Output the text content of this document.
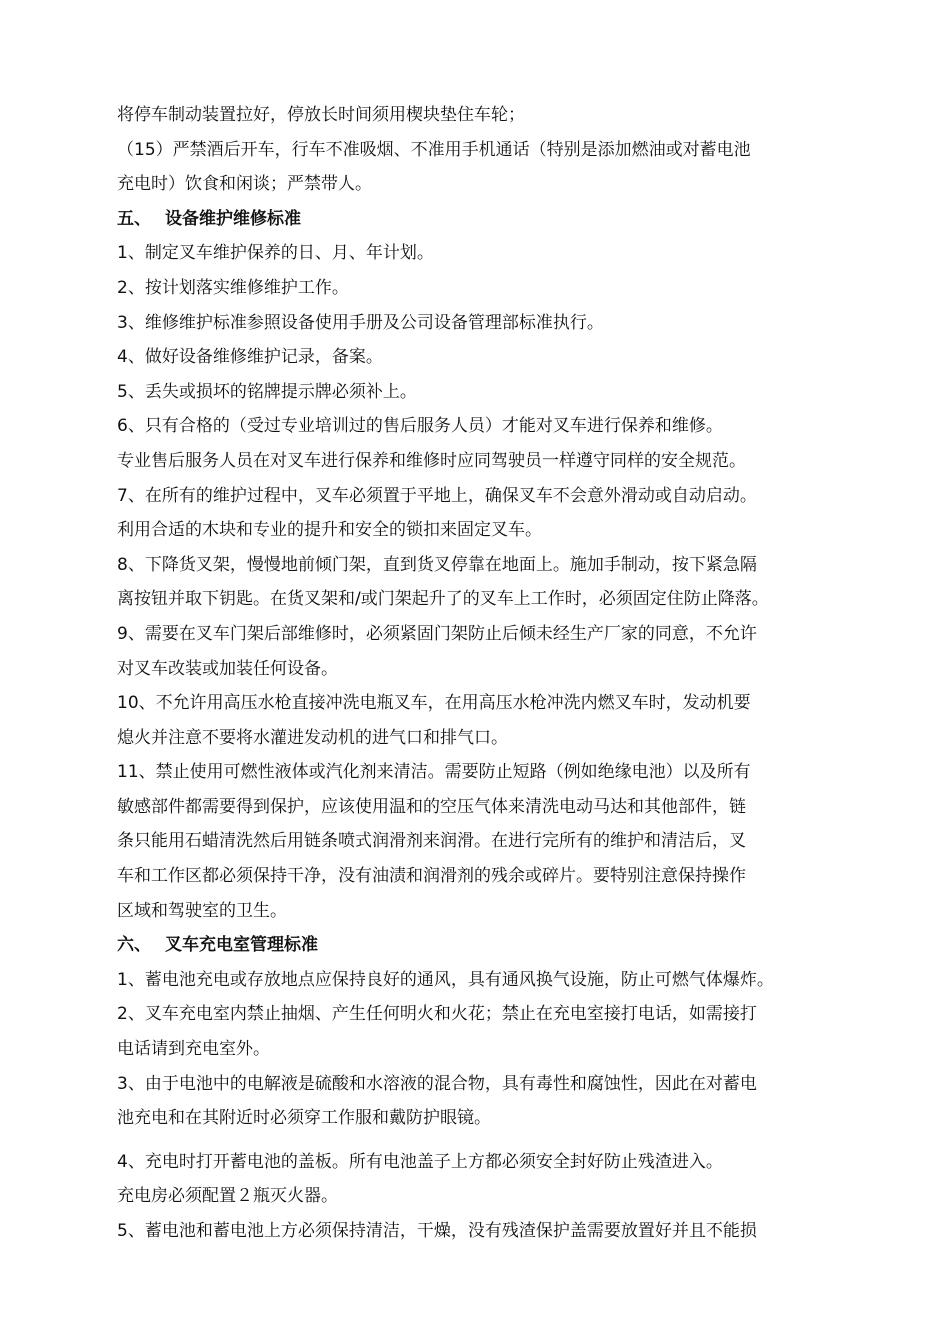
将停车制动装置拉好，停放长时间须用楔块垫住车轮；
（15）严禁酒后开车，行车不准吸烟、不准用手机通话（特别是添加燃油或对蓄电池
充电时）饮食和闲谈；严禁带人。
五、 设备维护维修标准
1、制定叉车维护保养的日、月、年计划。
2、按计划落实维修维护工作。
3、维修维护标准参照设备使用手册及公司设备管理部标准执行。
4、做好设备维修维护记录，备案。
5、丢失或损坏的铭牌提示牌必须补上。
6、只有合格的（受过专业培训过的售后服务人员）才能对叉车进行保养和维修。
专业售后服务人员在对叉车进行保养和维修时应同驾驶员一样遵守同样的安全规范。
7、在所有的维护过程中，叉车必须置于平地上，确保叉车不会意外滑动或自动启动。
利用合适的木块和专业的提升和安全的锁扣来固定叉车。
8、下降货叉架，慢慢地前倾门架，直到货叉停靠在地面上。施加手制动，按下紧急隔
离按钮并取下钥匙。在货叉架和/或门架起升了的叉车上工作时，必须固定住防止降落。
9、需要在叉车门架后部维修时，必须紧固门架防止后倾未经生产厂家的同意，不允许
对叉车改装或加装任何设备。
10、不允许用高压水枪直接冲洗电瓶叉车，在用高压水枪冲洗内燃叉车时，发动机要
熄火并注意不要将水灌进发动机的进气口和排气口。
11、禁止使用可燃性液体或汽化剂来清洁。需要防止短路（例如绝缘电池）以及所有
敏感部件都需要得到保护，应该使用温和的空压气体来清洗电动马达和其他部件，链
条只能用石蜡清洗然后用链条喷式润滑剂来润滑。在进行完所有的维护和清洁后，叉
车和工作区都必须保持干净，没有油渍和润滑剂的残余或碎片。要特别注意保持操作
区域和驾驶室的卫生。
六、 叉车充电室管理标准
1、蓄电池充电或存放地点应保持良好的通风，具有通风换气设施，防止可燃气体爆炸。
2、叉车充电室内禁止抽烟、产生任何明火和火花；禁止在充电室接打电话，如需接打
电话请到充电室外。
3、由于电池中的电解液是硫酸和水溶液的混合物，具有毒性和腐蚀性，因此在对蓄电
池充电和在其附近时必须穿工作服和戴防护眼镜。
4、充电时打开蓄电池的盖板。所有电池盖子上方都必须安全封好防止残渣进入。
充电房必须配置２瓶灭火器。
5、蓄电池和蓄电池上方必须保持清洁，干燥，没有残渣保护盖需要放置好并且不能损
